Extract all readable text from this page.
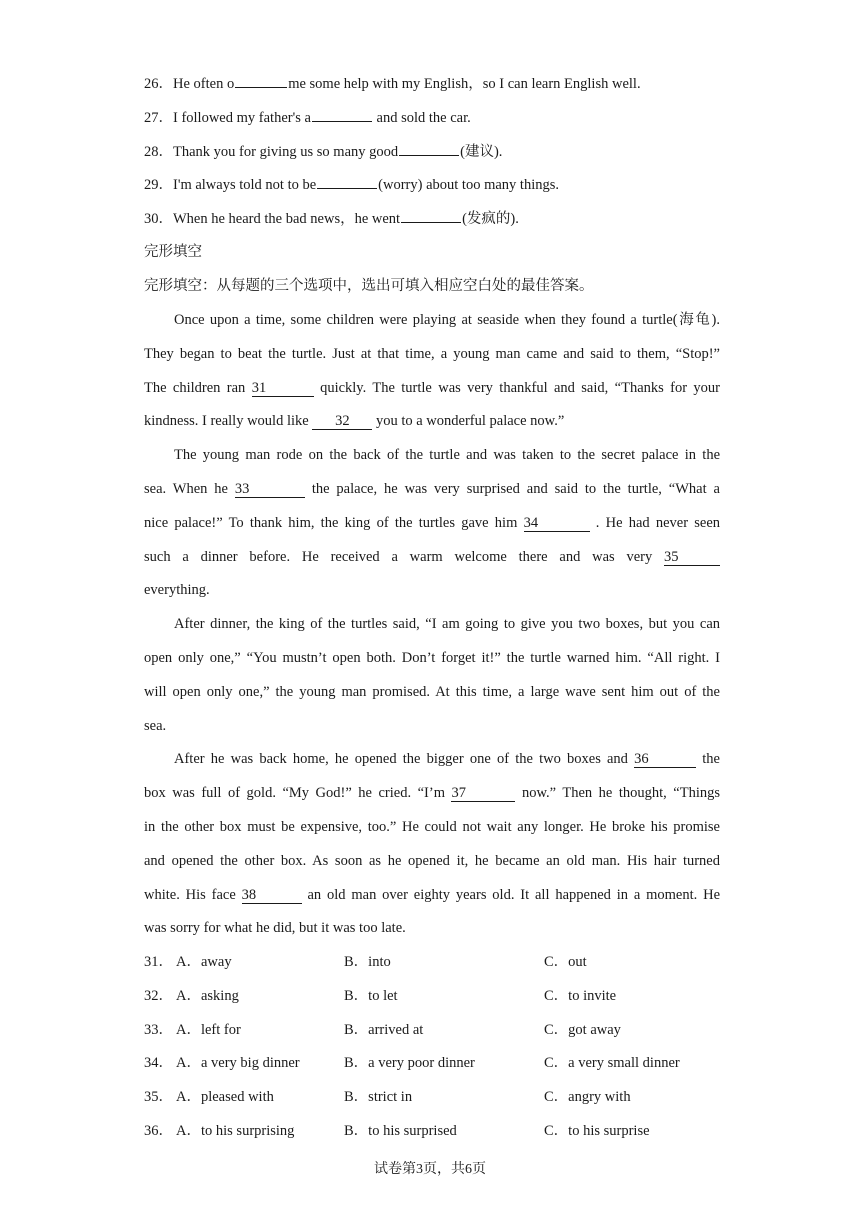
26．He often o	me some help with my English，so I can learn English well.
27．I followed my father's a	and sold the car.
28．Thank you for giving us so many good	(建议).
29．I'm always told not to be	(worry) about too many things.
30．When he heard the bad news，he went	(发疯的).
完形填空
完形填空：从每题的三个选项中，选出可填入相应空白处的最佳答案。
Once upon a time, some children were playing at seaside when they found a turtle(海龟).
They began to beat the turtle. Just at that time, a young man came and said to them, “Stop!”
The children ran 31	quickly. The turtle was very thankful and said, “Thanks for your
kindness. I really would like 32 you to a wonderful palace now.”
The young man rode on the back of the turtle and was taken to the secret palace in the
sea. When he 33	the palace, he was very surprised and said to the turtle, “What a
nice palace!” To thank him, the king of the turtles gave him 34	. He had never seen
such a dinner before. He received a warm welcome there and was very 35
everything.
After dinner, the king of the turtles said, “I am going to give you two boxes, but you can
open only one,” “You mustn’t open both. Don’t forget it!” the turtle warned him. “All right. I
will open only one,” the young man promised. At this time, a large wave sent him out of the
sea.
After he was back home, he opened the bigger one of the two boxes and 36	the
box was full of gold. “My God!” he cried. “I’m 37	now.” Then he thought, “Things
in the other box must be expensive, too.” He could not wait any longer. He broke his promise
and opened the other box. As soon as he opened it, he became an old man. His hair turned
white. His face 38	an old man over eighty years old. It all happened in a moment. He
was sorry for what he did, but it was too late.
31． A．away	B．into	C．out
32． A．asking	B．to let	C．to invite
33． A．left for	B．arrived at	C．got away
34． A．a very big dinner	B．a very poor dinner	C．a very small dinner
35． A．pleased with	B．strict in	C．angry with
36． A．to his surprising	B．to his surprised	C．to his surprise
试卷第3页，共6页
